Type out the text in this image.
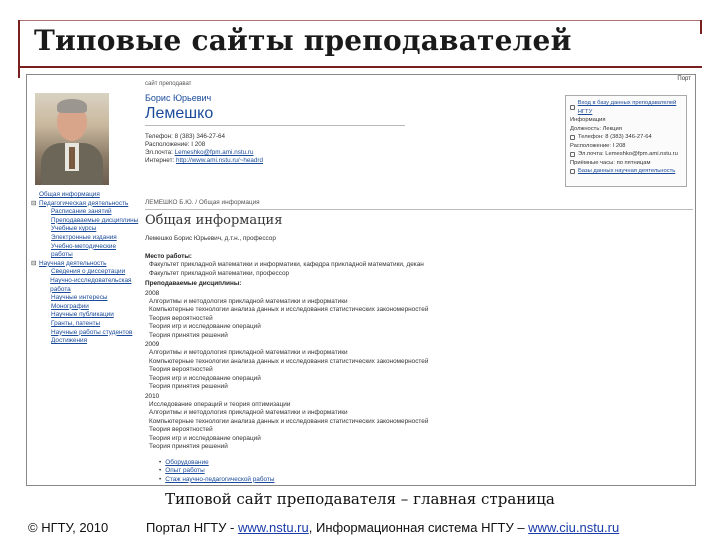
Типовые сайты преподавателей
Порт
сайт преподават
Борис Юрьевич
Лемешко
Телефон: 8 (383) 346-27-64
Расположение: I 208
Эл.почта: Lemeshko@fpm.ami.nstu.ru
Интернет: http://www.ami.nstu.ru/~headrd
Вход в базу данных преподавателей НГТУ
Информация
Должность: Лекция
Телефон: 8 (383) 346-27-64
Расположение: I 208
Эл.почта: Lemeshko@fpm.ami.nstu.ru
Приёмные часы: по пятницам
Базы данных научная деятельность
Общая информация
⊟ Педагогическая деятельность
Расписание занятий
Преподаваемые дисциплины
Учебные курсы
Электронные издания
Учебно-методические работы
⊟ Научная деятельность
Сведения о диссертации
Научно-исследовательская работа
Научные интересы
Монографии
Научные публикации
Гранты, патенты
Научные работы студентов
Достижения
ЛЕМЕШКО Б.Ю. / Общая информация
Общая информация
Лемешко Борис Юрьевич, д.т.н., профессор
Место работы:
Факультет прикладной математики и информатики, кафедра прикладной математики, декан
Факультет прикладной математики, профессор
Преподаваемые дисциплины:
2008
Алгоритмы и методология прикладной математики и информатики
Компьютерные технологии анализа данных и исследования статистических закономерностей
Теория вероятностей
Теория игр и исследование операций
Теория принятия решений
2009
Алгоритмы и методология прикладной математики и информатики
Компьютерные технологии анализа данных и исследования статистических закономерностей
Теория вероятностей
Теория игр и исследование операций
Теория принятия решений
2010
Исследование операций и теория оптимизации
Алгоритмы и методология прикладной математики и информатики
Компьютерные технологии анализа данных и исследования статистических закономерностей
Теория вероятностей
Теория игр и исследование операций
Теория принятия решений
• Оборудование
• Опыт работы
• Стаж научно-педагогической работы
Типовой сайт преподавателя – главная страница
© НГТУ, 2010	Портал НГТУ - www.nstu.ru, Информационная система НГТУ – www.ciu.nstu.ru
